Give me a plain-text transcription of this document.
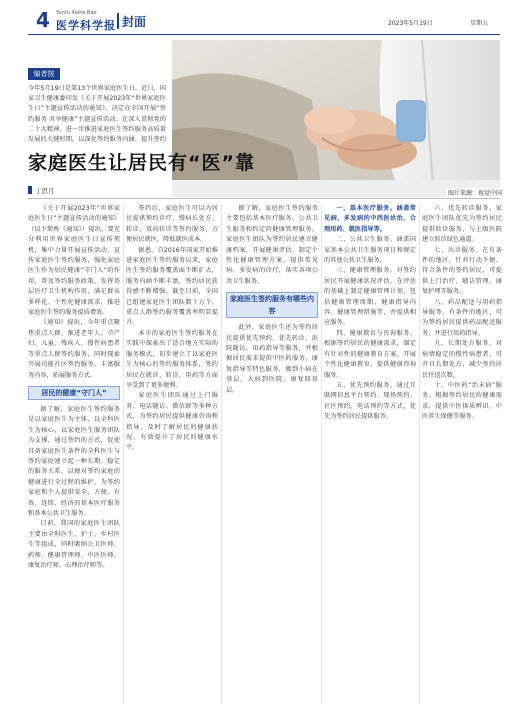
4 Yunfu Xiehe Bao
医学科学报 封面	2023年5月19日	星期五
图片来源：视觉中国
编者按
今年5月19日是第13个世界家庭医生日。近日，国家卫生健康委印发《关于开展2023年“世界家庭医生日”主题宣传活动的通知》，决定在全国开展“签约服务 共享健康”主题宣传活动。在深入贯彻党的二十大精神，进一步推进家庭医生签约服务高质量发展的关键时期，以深化签约服务内涵、提升签约
家庭医生让居民有“医”靠
丁思月

《关于开展2023年“世界家庭医生日”主题宣传活动的通知》（以下简称《通知》）提出，要充分利用世界家庭医生日宣传契机，集中力量开展宣传活动，宣传家庭医生签约服务，强化家庭医生作为居民健康“守门人”的作用，普及签约服务政策，发挥基层医疗卫生机构作用，满足群众多样化、个性化健康需求，推进家庭医生签约服务提质增效。

《通知》提出，今年重点聚焦重点人群，推进老年人、孕产妇、儿童、残疾人、慢性病患者等重点人群签约服务，同时探索开展功能社区签约服务，丰富服务内容，拓展服务方式。

居民的健康“守门人”

据了解，家庭医生签约服务是以家庭医生为主体，以全科医生为核心，以家庭医生服务团队为支撑，通过签约的方式，促使具备家庭医生条件的全科医生与签约家庭建立起一种长期、稳定的服务关系，以便对签约家庭的健康进行全过程的维护，为签约家庭和个人提供安全、方便、有效、连续、经济的基本医疗服务和基本公共卫生服务。

目前，我国的家庭医生团队主要由全科医生、护士、乡村医生等组成，同时吸纳公卫医师、药师、健康管理师、中医医师、康复治疗师、心理治疗师等。

签约后，家庭医生可以为居民提供预约诊疗、慢病长处方、转诊、双向转诊等签约服务，方便居民就医，降低就医成本。

据悉，自2016年国家开始推进家庭医生签约服务以来，家庭医生签约服务覆盖面不断扩大，服务内涵不断丰富，签约居民获得感不断增强。截至目前，全国已组建家庭医生团队数十万个，重点人群签约服务覆盖率明显提升。

本市的家庭医生签约服务在实践中探索出了适合地方实际的服务模式，初步建立了以家庭医生为核心的签约服务体系，签约居民在就诊、转诊、用药等方面享受到了更多便利。

家庭医生团队通过上门服务、电话随访、微信群等多种方式，为签约居民提供健康咨询和指导，及时了解居民的健康状况，有效提升了居民的健康水平。

据了解，家庭医生签约服务主要包括基本医疗服务、公共卫生服务和约定的健康管理服务。家庭医生团队为签约居民建立健康档案，开展健康评估，制定个性化健康管理方案，提供常见病、多发病的诊疗，落实各项公共卫生服务。

家庭医生签约服务有哪些内容

此外，家庭医生还为签约居民提供优先预约、优先转诊、出院随访、用药指导等服务，并根据居民需求提供中医药服务、康复指导等特色服务，做到小病在基层、大病到医院、康复回基层。

一、基本医疗服务。涵盖常见病、多发病的中西医诊治、合理用药、就医指导等。

二、公共卫生服务。涵盖国家基本公共卫生服务项目和规定的其他公共卫生服务。

三、健康管理服务。对签约居民开展健康状况评估，在评估的基础上制定健康管理计划，包括健康管理周期、健康指导内容、健康管理措施等，并提供相应服务。

四、健康教育与咨询服务。根据签约居民的健康需求，制定有针对性的健康教育方案，开展个性化健康教育，提供健康咨询服务。

五、优先预约服务。通过互联网信息平台预约、现场预约、社区预约、电话预约等方式，优先为签约居民提供服务。

六、优先转诊服务。家庭医生团队优先为签约居民提供转诊服务，与上级医院建立转诊绿色通道。

七、出诊服务。在有条件的地区，针对行动不便、符合条件的签约居民，可提供上门治疗、随访管理、康复护理等服务。

八、药品配送与用药指导服务。有条件的地区，可为签约居民提供药品配送服务，并进行用药指导。

九、长期处方服务。对病情稳定的慢性病患者，可开具长期处方，减少签约居民往返次数。

十、中医药“治未病”服务。根据签约居民的健康需求，提供中医体质辨识、中医养生保健等服务。
